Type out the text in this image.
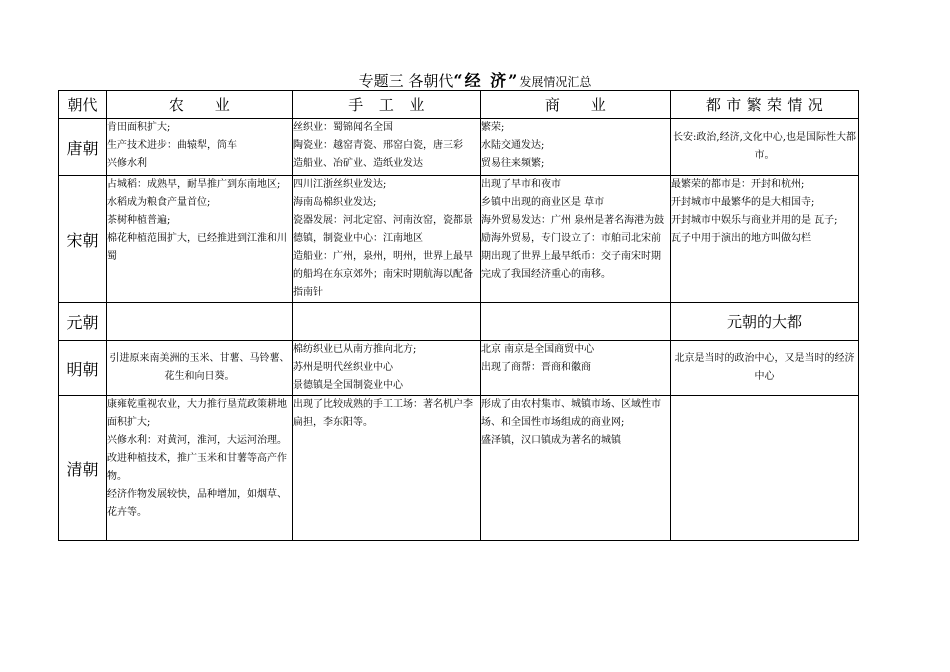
专题三 各朝代“经 济”发展情况汇总
朝代	农　　业	手　工　业	商　　业	都 市 繁 荣 情 况
唐朝	肯田面积扩大;
生产技术进步：曲辕犁，筒车
兴修水利	丝织业：蜀锦闻名全国
陶瓷业：越窑青瓷、邢窑白瓷，唐三彩
造船业、冶矿业、造纸业发达	繁荣;
水陆交通发达;
贸易往来频繁;	长安:政治,经济,文化中心,也是国际性大都市。

宋朝	占城稻：成熟早，耐旱推广到东南地区;
水稻成为粮食产量首位;
茶树种植普遍;
棉花种植范围扩大，已经推进到江淮和川蜀	四川江浙丝织业发达;
海南岛棉织业发达;
瓷器发展：河北定窑、河南汝窑，瓷都景德镇，制瓷业中心：江南地区
造船业：广州，泉州，明州，世界上最早的船坞在东京郊外；南宋时期航海以配备指南针	出现了早市和夜市
乡镇中出现的商业区是 草市
海外贸易发达：广州 泉州是著名海港为鼓励海外贸易，专门设立了：市舶司北宋前期出现了世界上最早纸币：交子南宋时期完成了我国经济重心的南移。	最繁荣的都市是：开封和杭州;
开封城市中最繁华的是大相国寺;
开封城市中娱乐与商业并用的是 瓦子;
瓦子中用于演出的地方叫做勾栏

元朝				元朝的大都
明朝	引进原来南美洲的玉米、甘薯、马铃薯、花生和向日葵。	棉纺织业已从南方推向北方;
苏州是明代丝织业中心
景德镇是全国制瓷业中心	北京 南京是全国商贸中心
出现了商帮：晋商和徽商	北京是当时的政治中心，又是当时的经济中心

清朝	康雍乾重视农业，大力推行垦荒政策耕地面积扩大;
兴修水利：对黄河，淮河，大运河治理。
改进种植技术，推广玉米和甘薯等高产作物。
经济作物发展较快，品种增加，如烟草、花卉等。	出现了比较成熟的手工工场：著名机户李扁担，李东阳等。	形成了由农村集市、城镇市场、区域性市场、和全国性市场组成的商业网;
盛泽镇，汉口镇成为著名的城镇	
